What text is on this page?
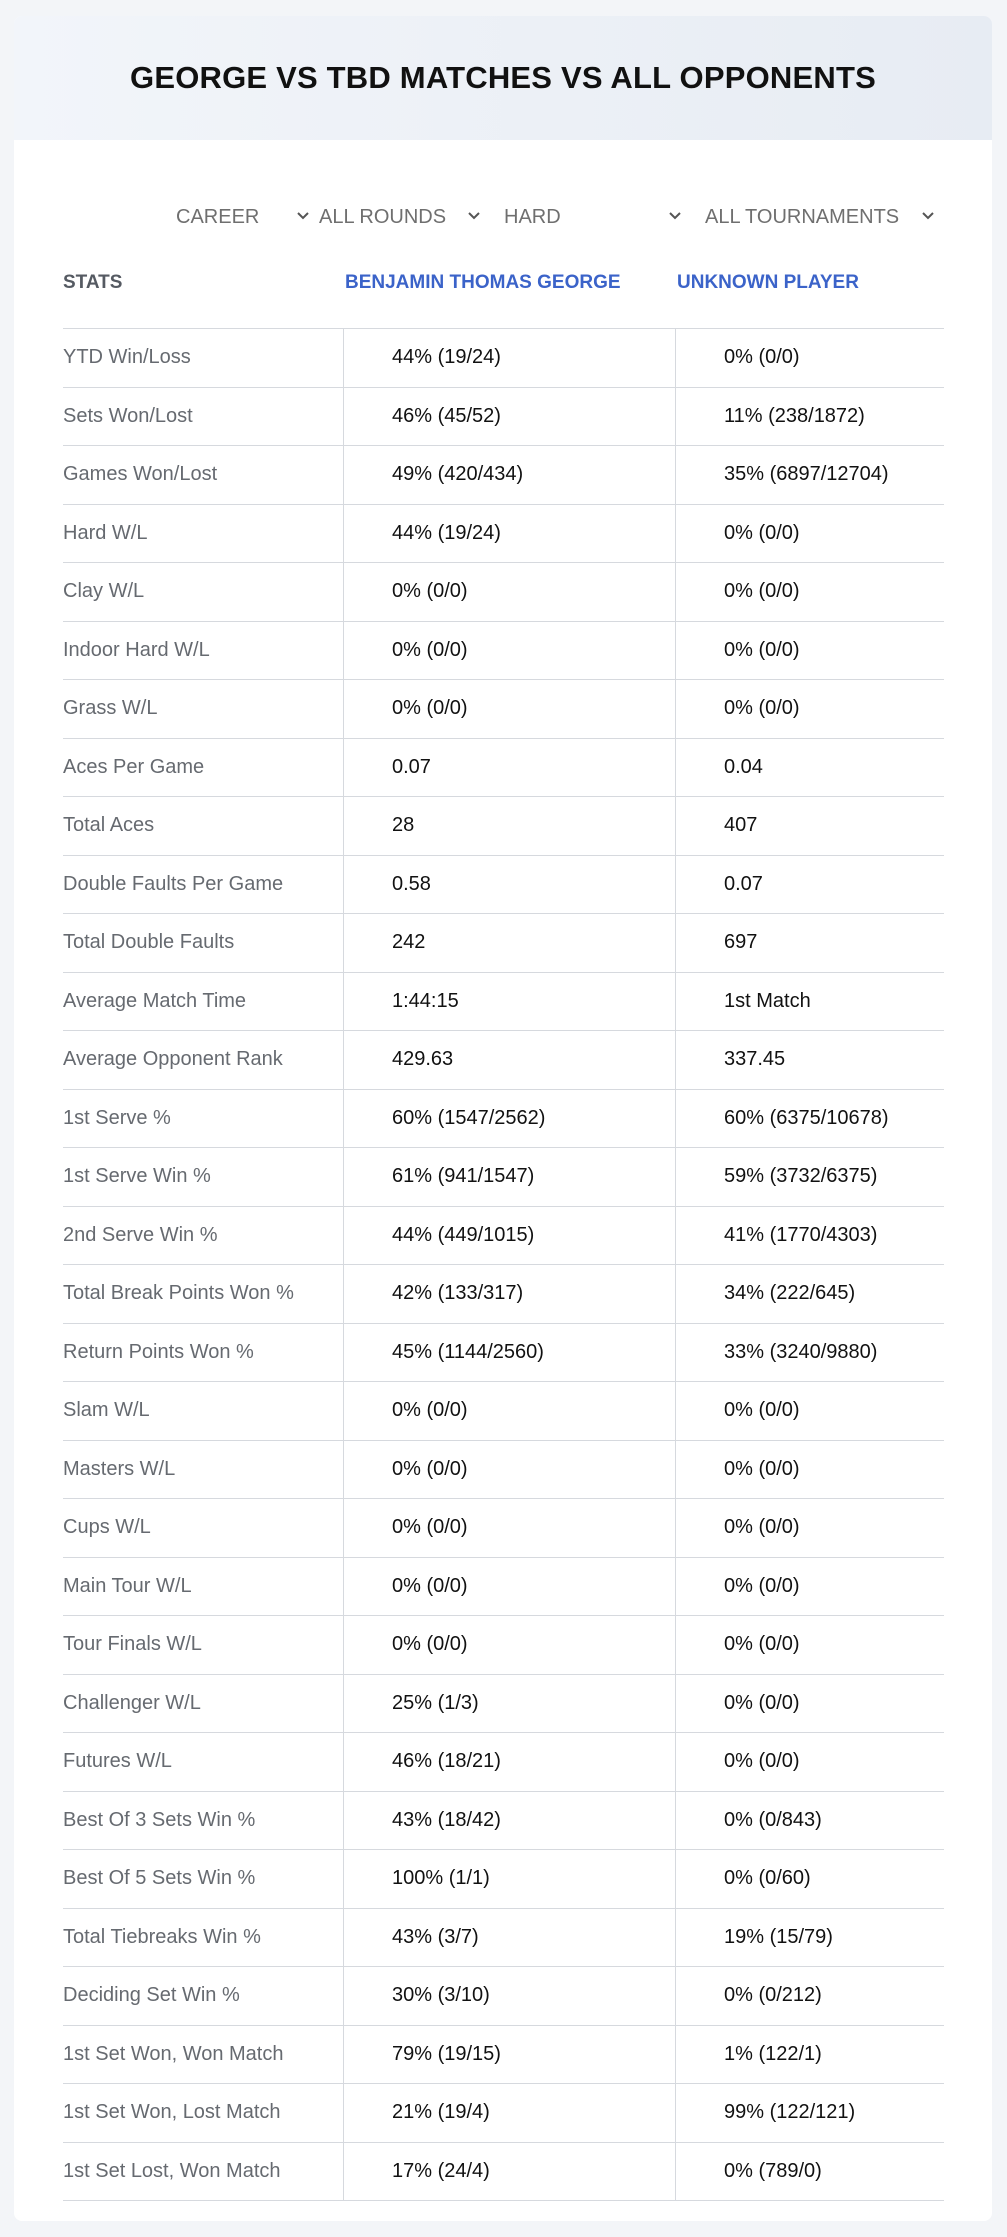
GEORGE VS TBD MATCHES VS ALL OPPONENTS
CAREER	ALL ROUNDS	HARD	ALL TOURNAMENTS
STATS	BENJAMIN THOMAS GEORGE	UNKNOWN PLAYER
YTD Win/Loss	44% (19/24)	0% (0/0)
Sets Won/Lost	46% (45/52)	11% (238/1872)
Games Won/Lost	49% (420/434)	35% (6897/12704)
Hard W/L	44% (19/24)	0% (0/0)
Clay W/L	0% (0/0)	0% (0/0)
Indoor Hard W/L	0% (0/0)	0% (0/0)
Grass W/L	0% (0/0)	0% (0/0)
Aces Per Game	0.07	0.04
Total Aces	28	407
Double Faults Per Game	0.58	0.07
Total Double Faults	242	697
Average Match Time	1:44:15	1st Match
Average Opponent Rank	429.63	337.45
1st Serve %	60% (1547/2562)	60% (6375/10678)
1st Serve Win %	61% (941/1547)	59% (3732/6375)
2nd Serve Win %	44% (449/1015)	41% (1770/4303)
Total Break Points Won %	42% (133/317)	34% (222/645)
Return Points Won %	45% (1144/2560)	33% (3240/9880)
Slam W/L	0% (0/0)	0% (0/0)
Masters W/L	0% (0/0)	0% (0/0)
Cups W/L	0% (0/0)	0% (0/0)
Main Tour W/L	0% (0/0)	0% (0/0)
Tour Finals W/L	0% (0/0)	0% (0/0)
Challenger W/L	25% (1/3)	0% (0/0)
Futures W/L	46% (18/21)	0% (0/0)
Best Of 3 Sets Win %	43% (18/42)	0% (0/843)
Best Of 5 Sets Win %	100% (1/1)	0% (0/60)
Total Tiebreaks Win %	43% (3/7)	19% (15/79)
Deciding Set Win %	30% (3/10)	0% (0/212)
1st Set Won, Won Match	79% (19/15)	1% (122/1)
1st Set Won, Lost Match	21% (19/4)	99% (122/121)
1st Set Lost, Won Match	17% (24/4)	0% (789/0)
